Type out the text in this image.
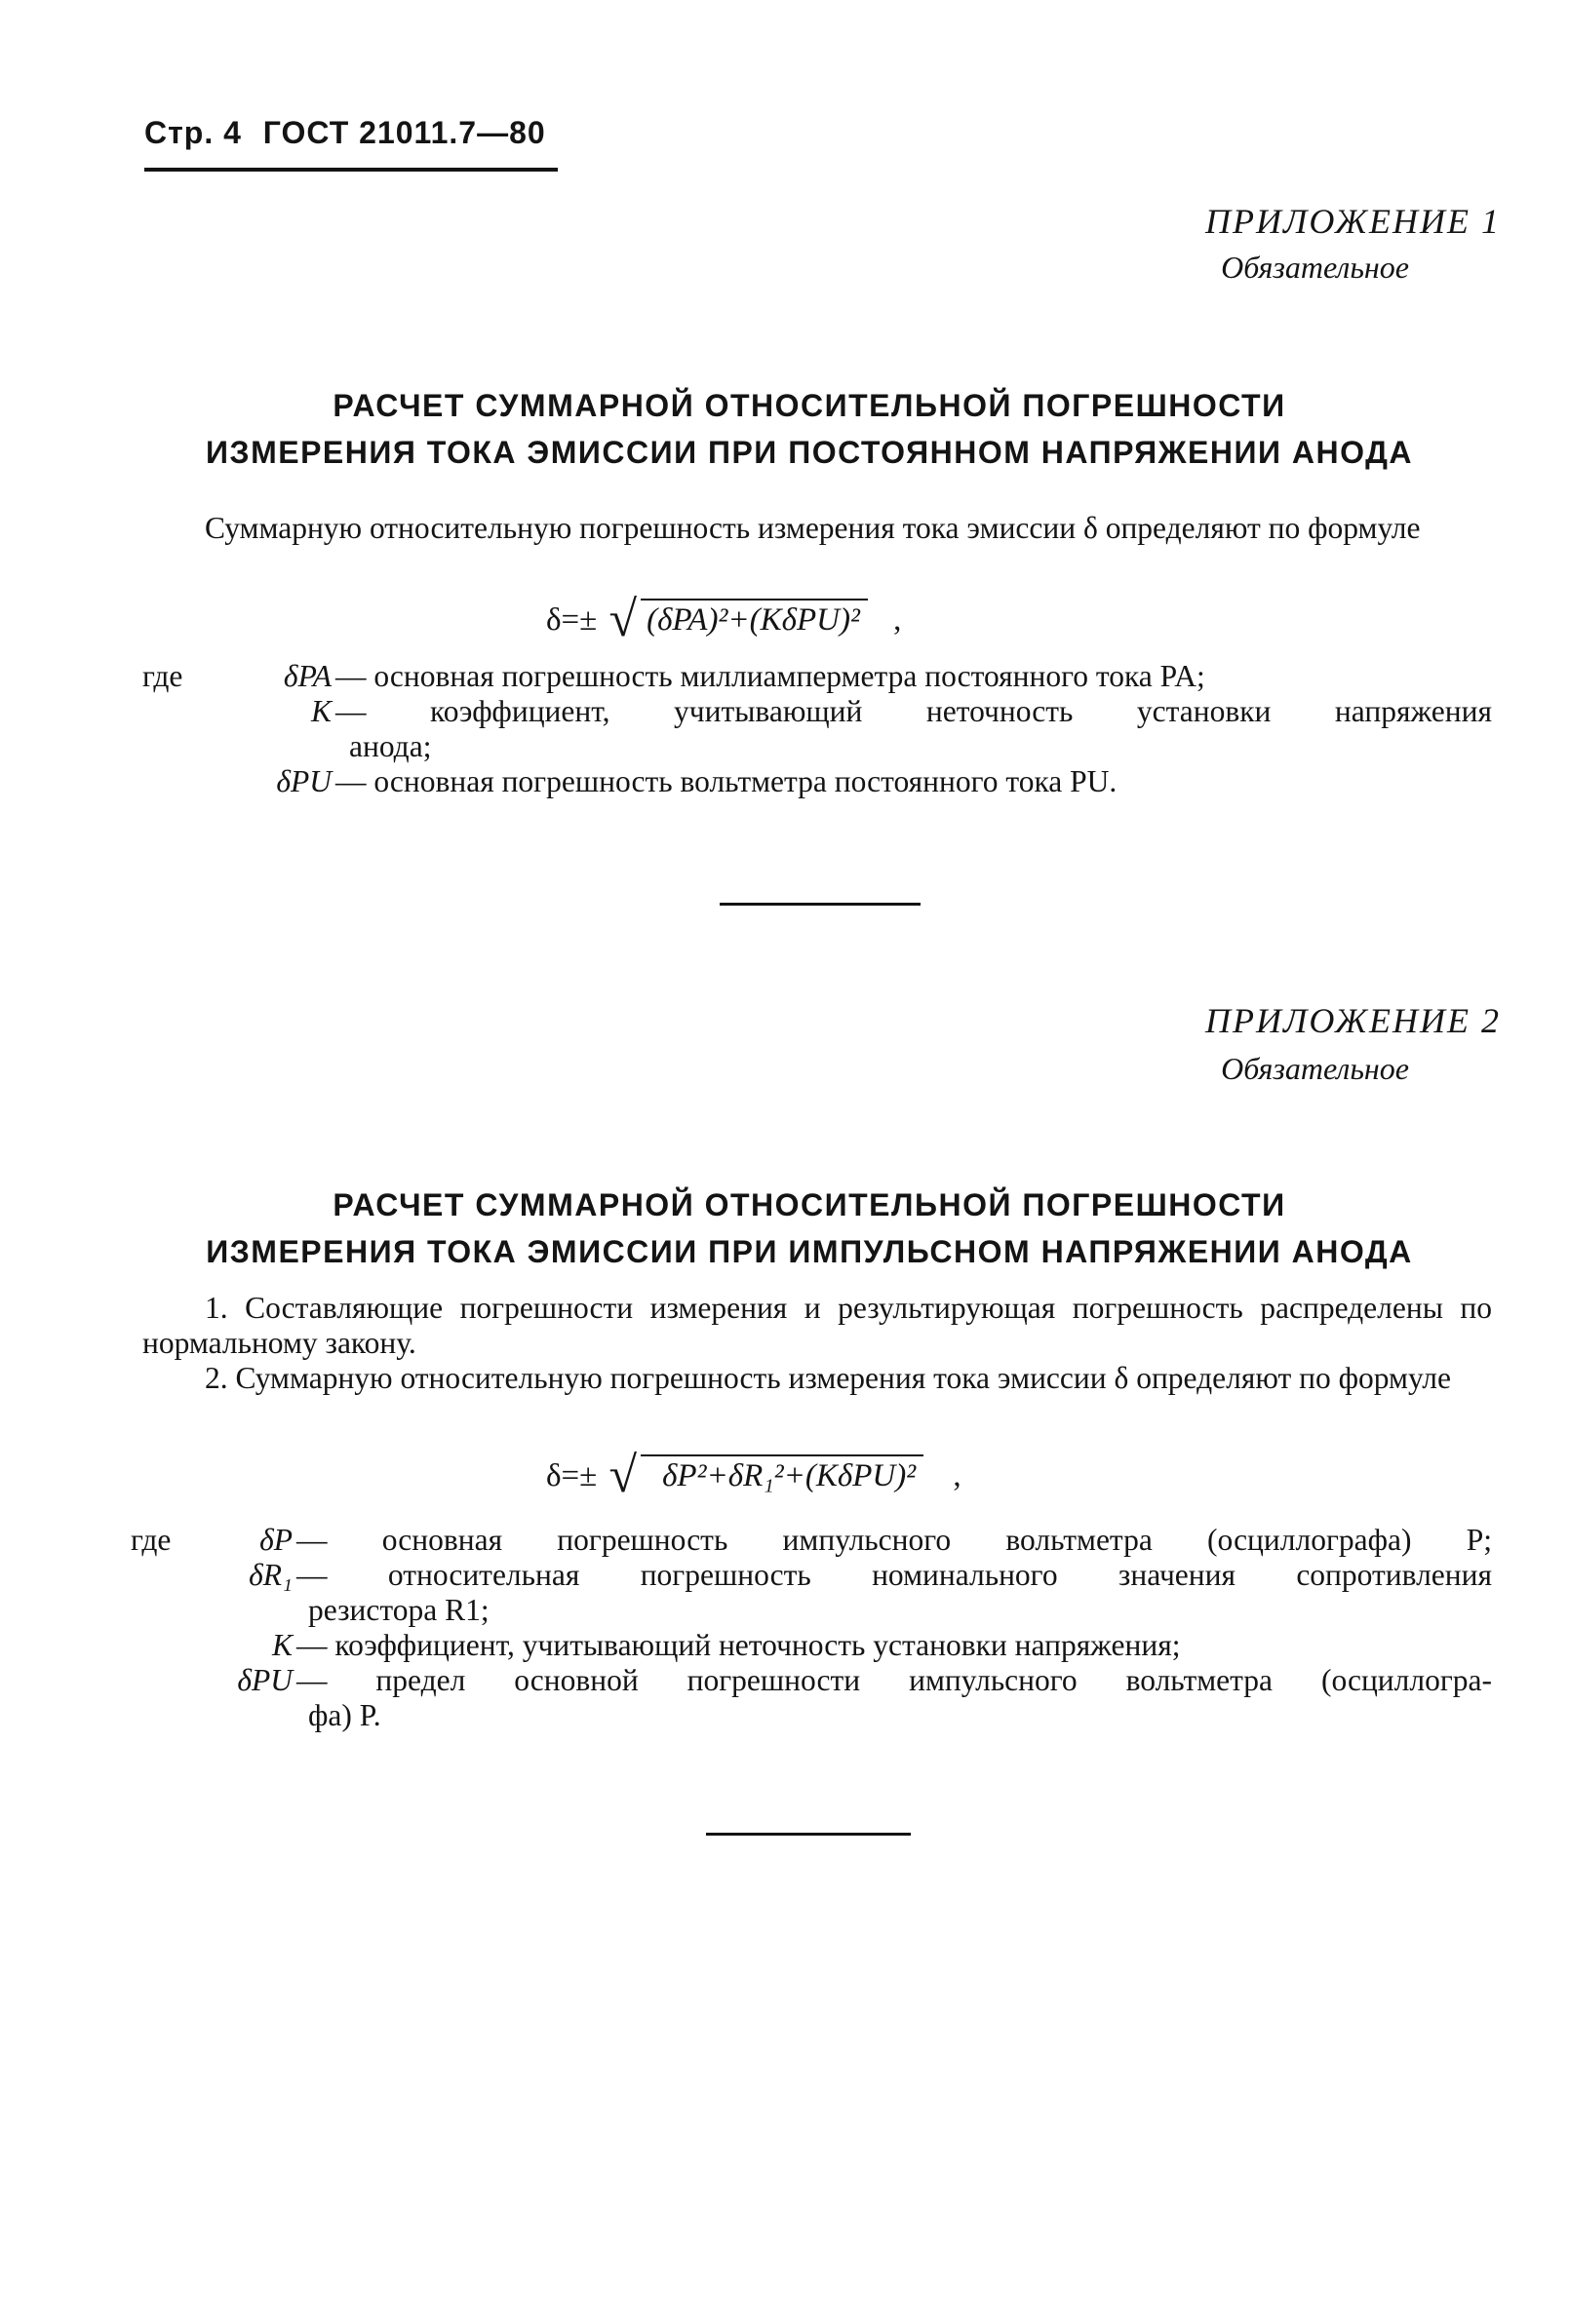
Стр. 4 ГОСТ 21011.7—80
ПРИЛОЖЕНИЕ 1
Обязательное
РАСЧЕТ СУММАРНОЙ ОТНОСИТЕЛЬНОЙ ПОГРЕШНОСТИ
ИЗМЕРЕНИЯ ТОКА ЭМИССИИ ПРИ ПОСТОЯННОМ НАПРЯЖЕНИИ АНОДА
Суммарную относительную погрешность измерения тока эмиссии δ определяют по формуле
δ=± √ (δPA)²+(KδPU)² ,
где	δPA — основная погрешность миллиамперметра постоянного тока PA;
K — коэффициент, учитывающий неточность установки напряжения
анода;
δPU — основная погрешность вольтметра постоянного тока PU.
ПРИЛОЖЕНИЕ 2
Обязательное
РАСЧЕТ СУММАРНОЙ ОТНОСИТЕЛЬНОЙ ПОГРЕШНОСТИ
ИЗМЕРЕНИЯ ТОКА ЭМИССИИ ПРИ ИМПУЛЬСНОМ НАПРЯЖЕНИИ АНОДА
1. Составляющие погрешности измерения и результирующая погрешность распределены по нормальному закону.
2. Суммарную относительную погрешность измерения тока эмиссии δ определяют по формуле
δ=± √ δP²+δR₁²+(KδPU)² ,
где	δP — основная погрешность импульсного вольтметра (осциллографа) P;
δR₁ — относительная погрешность номинального значения сопротивления
резистора R1;
K — коэффициент, учитывающий неточность установки напряжения;
δPU — предел основной погрешности импульсного вольтметра (осциллогра-
фа) P.
